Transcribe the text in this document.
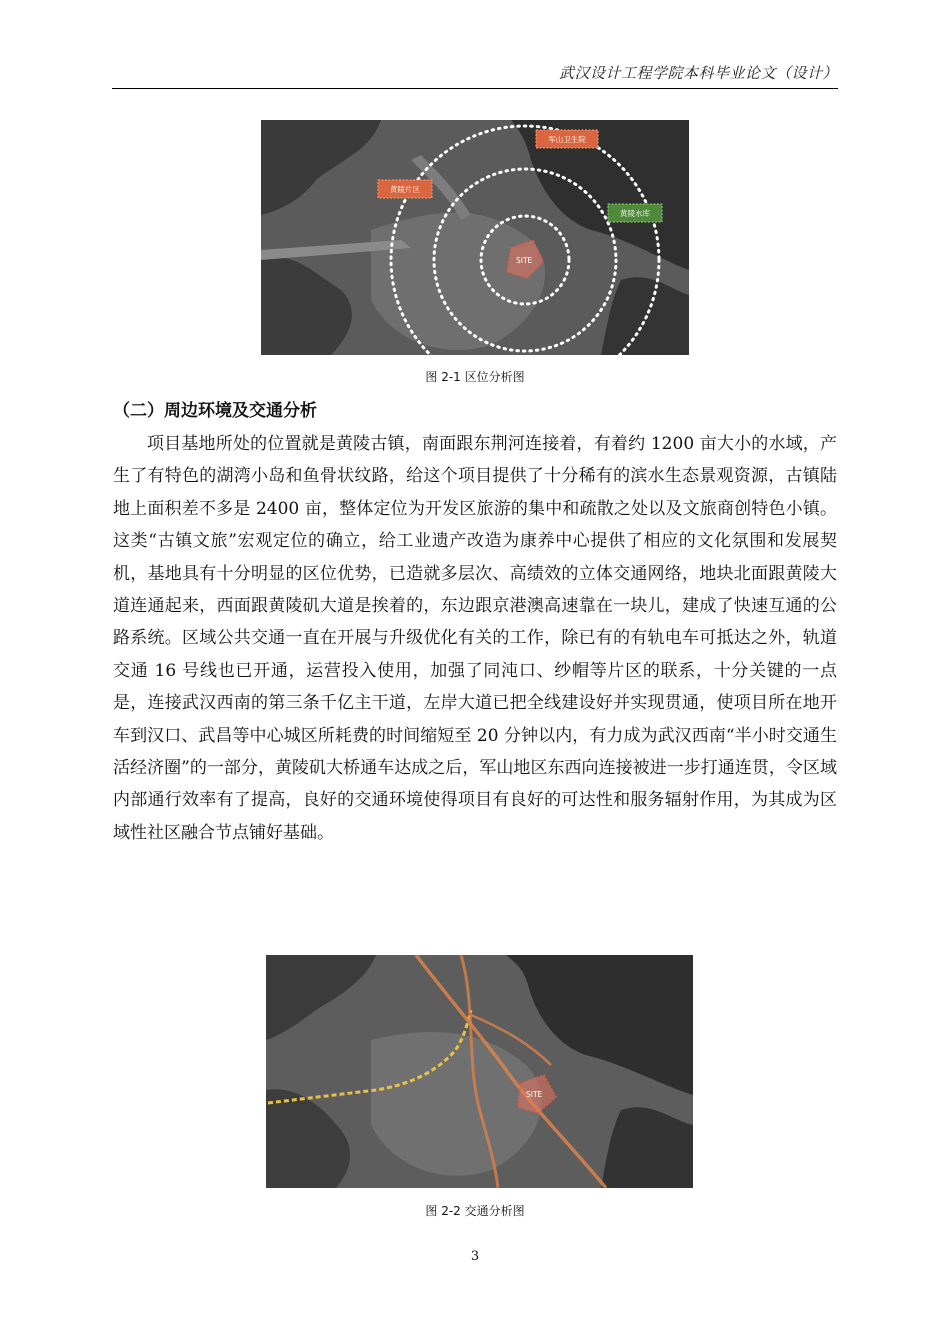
武汉设计工程学院本科毕业论文（设计）
SITE
军山卫生院
黄陵片区
黄陵水库
图 2-1 区位分析图
（二）周边环境及交通分析

项目基地所处的位置就是黄陵古镇，南面跟东荆河连接着，有着约 1200 亩大小的水域，产生了有特色的湖湾小岛和鱼骨状纹路，给这个项目提供了十分稀有的滨水生态景观资源，古镇陆地上面积差不多是 2400 亩，整体定位为开发区旅游的集中和疏散之处以及文旅商创特色小镇。这类“古镇文旅”宏观定位的确立，给工业遗产改造为康养中心提供了相应的文化氛围和发展契机，基地具有十分明显的区位优势，已造就多层次、高绩效的立体交通网络，地块北面跟黄陵大道连通起来，西面跟黄陵矶大道是挨着的，东边跟京港澳高速靠在一块儿，建成了快速互通的公路系统。区域公共交通一直在开展与升级优化有关的工作，除已有的有轨电车可抵达之外，轨道交通 16 号线也已开通，运营投入使用，加强了同沌口、纱帽等片区的联系，十分关键的一点是，连接武汉西南的第三条千亿主干道，左岸大道已把全线建设好并实现贯通，使项目所在地开车到汉口、武昌等中心城区所耗费的时间缩短至 20 分钟以内，有力成为武汉西南“半小时交通生活经济圈”的一部分，黄陵矶大桥通车达成之后，军山地区东西向连接被进一步打通连贯，令区域内部通行效率有了提高，良好的交通环境使得项目有良好的可达性和服务辐射作用，为其成为区域性社区融合节点铺好基础。

SITE
图 2-2 交通分析图
3
